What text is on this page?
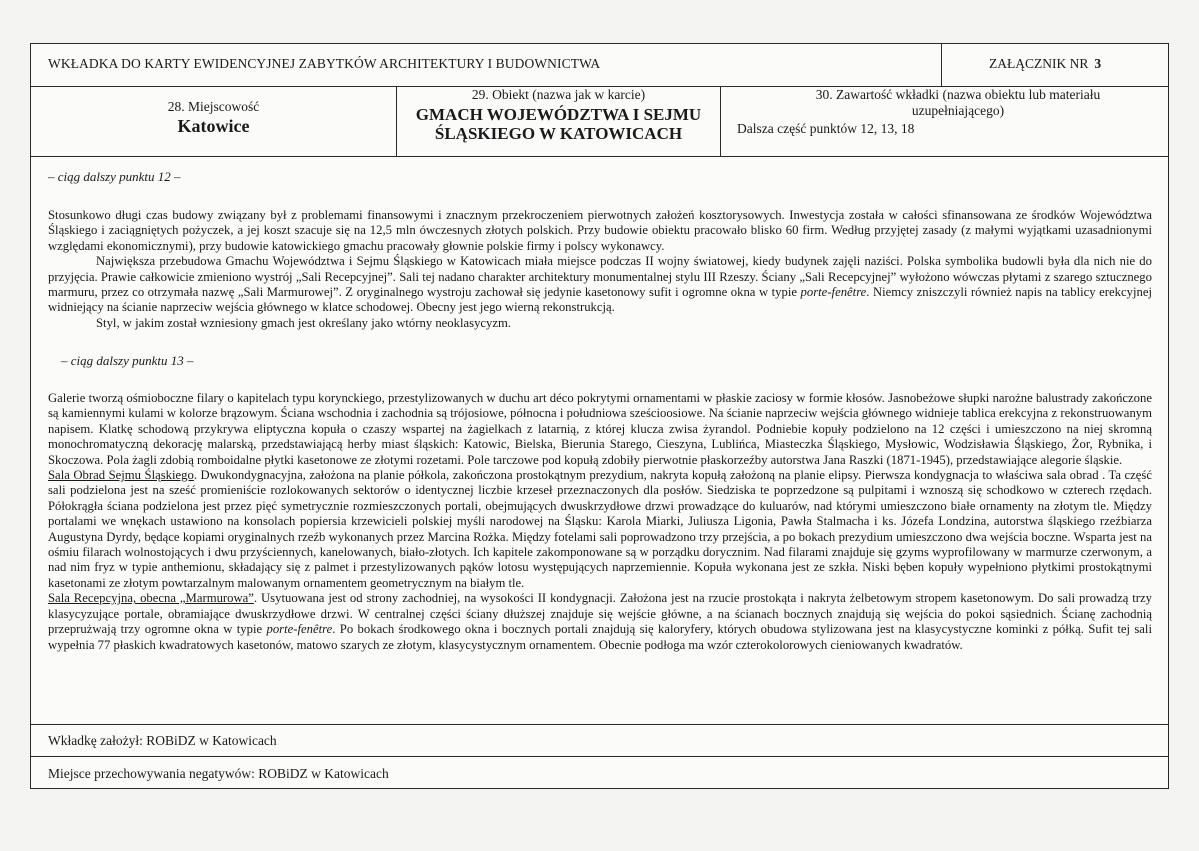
WKŁADKA DO KARTY EWIDENCYJNEJ ZABYTKÓW ARCHITEKTURY I BUDOWNICTWA	ZAŁĄCZNIK NR 3
28. Miejscowość
Katowice
29. Obiekt (nazwa jak w karcie)
GMACH WOJEWÓDZTWA I SEJMU ŚLĄSKIEGO W KATOWICACH
30. Zawartość wkładki (nazwa obiektu lub materiału uzupełniającego)
Dalsza część punktów 12, 13, 18
– ciąg dalszy punktu 12 –

Stosunkowo długi czas budowy związany był z problemami finansowymi i znacznym przekroczeniem pierwotnych założeń kosztorysowych. Inwestycja została w całości sfinansowana ze środków Województwa Śląskiego i zaciągniętych pożyczek, a jej koszt szacuje się na 12,5 mln ówczesnych złotych polskich. Przy budowie obiektu pracowało blisko 60 firm. Według przyjętej zasady (z małymi wyjątkami uzasadnionymi względami ekonomicznymi), przy budowie katowickiego gmachu pracowały głownie polskie firmy i polscy wykonawcy.

Największa przebudowa Gmachu Województwa i Sejmu Śląskiego w Katowicach miała miejsce podczas II wojny światowej, kiedy budynek zajęli naziści. Polska symbolika budowli była dla nich nie do przyjęcia. Prawie całkowicie zmieniono wystrój „Sali Recepcyjnej”. Sali tej nadano charakter architektury monumentalnej stylu III Rzeszy. Ściany „Sali Recepcyjnej” wyłożono wówczas płytami z szarego sztucznego marmuru, przez co otrzymała nazwę „Sali Marmurowej”. Z oryginalnego wystroju zachował się jedynie kasetonowy sufit i ogromne okna w typie porte-fenêtre. Niemcy zniszczyli również napis na tablicy erekcyjnej widniejący na ścianie naprzeciw wejścia głównego w klatce schodowej. Obecny jest jego wierną rekonstrukcją.

Styl, w jakim został wzniesiony gmach jest określany jako wtórny neoklasycyzm.

– ciąg dalszy punktu 13 –

Galerie tworzą ośmioboczne filary o kapitelach typu korynckiego, przestylizowanych w duchu art déco pokrytymi ornamentami w płaskie zaciosy w formie kłosów. Jasnobeżowe słupki narożne balustrady zakończone są kamiennymi kulami w kolorze brązowym. Ściana wschodnia i zachodnia są trójosiowe, północna i południowa sześcioosiowe. Na ścianie naprzeciw wejścia głównego widnieje tablica erekcyjna z rekonstruowanym napisem. Klatkę schodową przykrywa eliptyczna kopuła o czaszy wspartej na żagielkach z latarnią, z której klucza zwisa żyrandol. Podniebie kopuły podzielono na 12 części i umieszczono na niej skromną monochromatyczną dekorację malarską, przedstawiającą herby miast śląskich: Katowic, Bielska, Bierunia Starego, Cieszyna, Lublińca, Miasteczka Śląskiego, Mysłowic, Wodzisławia Śląskiego, Żor, Rybnika, i Skoczowa. Pola żagli zdobią romboidalne płytki kasetonowe ze złotymi rozetami. Pole tarczowe pod kopułą zdobiły pierwotnie płaskorzeźby autorstwa Jana Raszki (1871-1945), przedstawiające alegorie śląskie.

Sala Obrad Sejmu Śląskiego. Dwukondygnacyjna, założona na planie półkola, zakończona prostokątnym prezydium, nakryta kopułą założoną na planie elipsy. Pierwsza kondygnacja to właściwa sala obrad . Ta część sali podzielona jest na sześć promieniście rozlokowanych sektorów o identycznej liczbie krzeseł przeznaczonych dla posłów. Siedziska te poprzedzone są pulpitami i wznoszą się schodkowo w czterech rzędach. Półokrągła ściana podzielona jest przez pięć symetrycznie rozmieszczonych portali, obejmujących dwuskrzydłowe drzwi prowadzące do kuluarów, nad którymi umieszczono białe ornamenty na złotym tle. Między portalami we wnękach ustawiono na konsolach popiersia krzewicieli polskiej myśli narodowej na Śląsku: Karola Miarki, Juliusza Ligonia, Pawła Stalmacha i ks. Józefa Londzina, autorstwa śląskiego rzeźbiarza Augustyna Dyrdy, będące kopiami oryginalnych rzeźb wykonanych przez Marcina Rożka. Między fotelami sali poprowadzono trzy przejścia, a po bokach prezydium umieszczono dwa wejścia boczne. Wsparta jest na ośmiu filarach wolnostojących i dwu przyściennych, kanelowanych, biało-złotych. Ich kapitele zakomponowane są w porządku dorycznim. Nad filarami znajduje się gzyms wyprofilowany w marmurze czerwonym, a nad nim fryz w typie anthemionu, składający się z palmet i przestylizowanych pąków lotosu występujących naprzemiennie. Kopuła wykonana jest ze szkła. Niski bęben kopuły wypełniono płytkimi prostokątnymi kasetonami ze złotym powtarzalnym malowanym ornamentem geometrycznym na białym tle.

Sala Recepcyjna, obecna „Marmurowa”. Usytuowana jest od strony zachodniej, na wysokości II kondygnacji. Założona jest na rzucie prostokąta i nakryta żelbetowym stropem kasetonowym. Do sali prowadzą trzy klasycyzujące portale, obramiające dwuskrzydłowe drzwi. W centralnej części ściany dłuższej znajduje się wejście główne, a na ścianach bocznych znajdują się wejścia do pokoi sąsiednich. Ścianę zachodnią przeprużwają trzy ogromne okna w typie porte-fenêtre. Po bokach środkowego okna i bocznych portali znajdują się kaloryfery, których obudowa stylizowana jest na klasycystyczne kominki z półką. Sufit tej sali wypełnia 77 płaskich kwadratowych kasetonów, matowo szarych ze złotym, klasycystycznym ornamentem. Obecnie podłoga ma wzór czterokolorowych cieniowanych kwadratów.

Wkładkę założył: ROBiDZ w Katowicach
Miejsce przechowywania negatywów: ROBiDZ w Katowicach
